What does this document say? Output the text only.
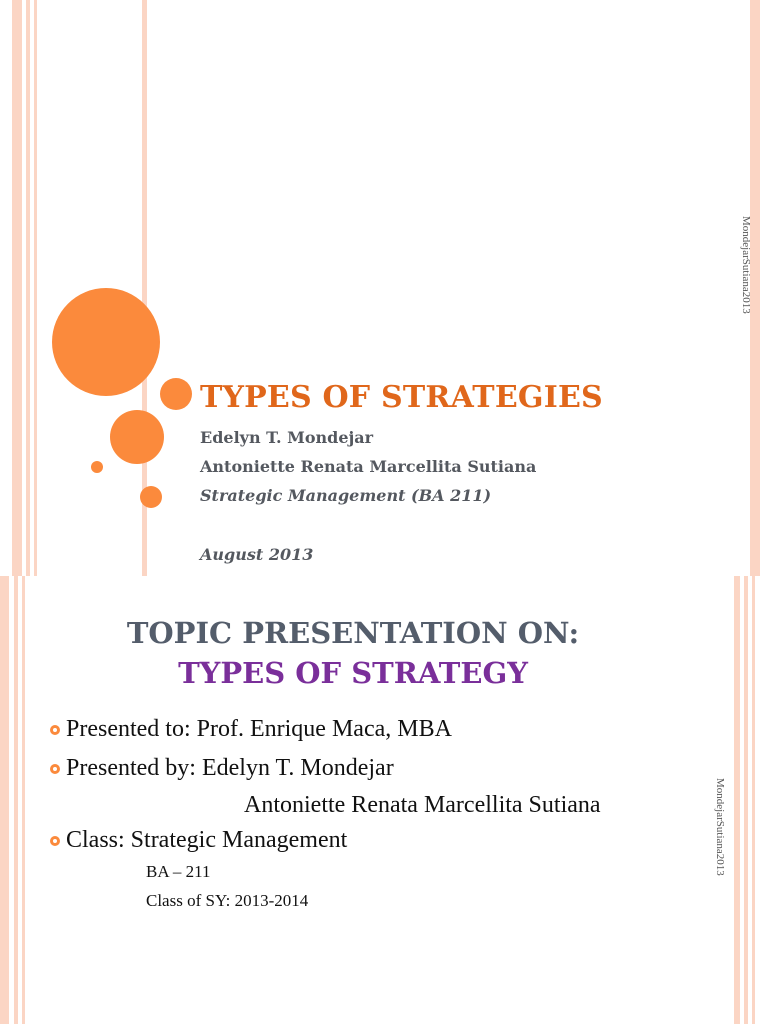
TYPES OF STRATEGIES
Edelyn T. Mondejar
Antoniette Renata Marcellita Sutiana
Strategic Management (BA 211)
August 2013
MondejarSutiana2013
TOPIC PRESENTATION ON:
TYPES OF STRATEGY
Presented to: Prof. Enrique Maca, MBA
Presented by: Edelyn T. Mondejar
Antoniette Renata Marcellita Sutiana
Class: Strategic Management
BA – 211
Class of SY: 2013-2014
MondejarSutiana2013
